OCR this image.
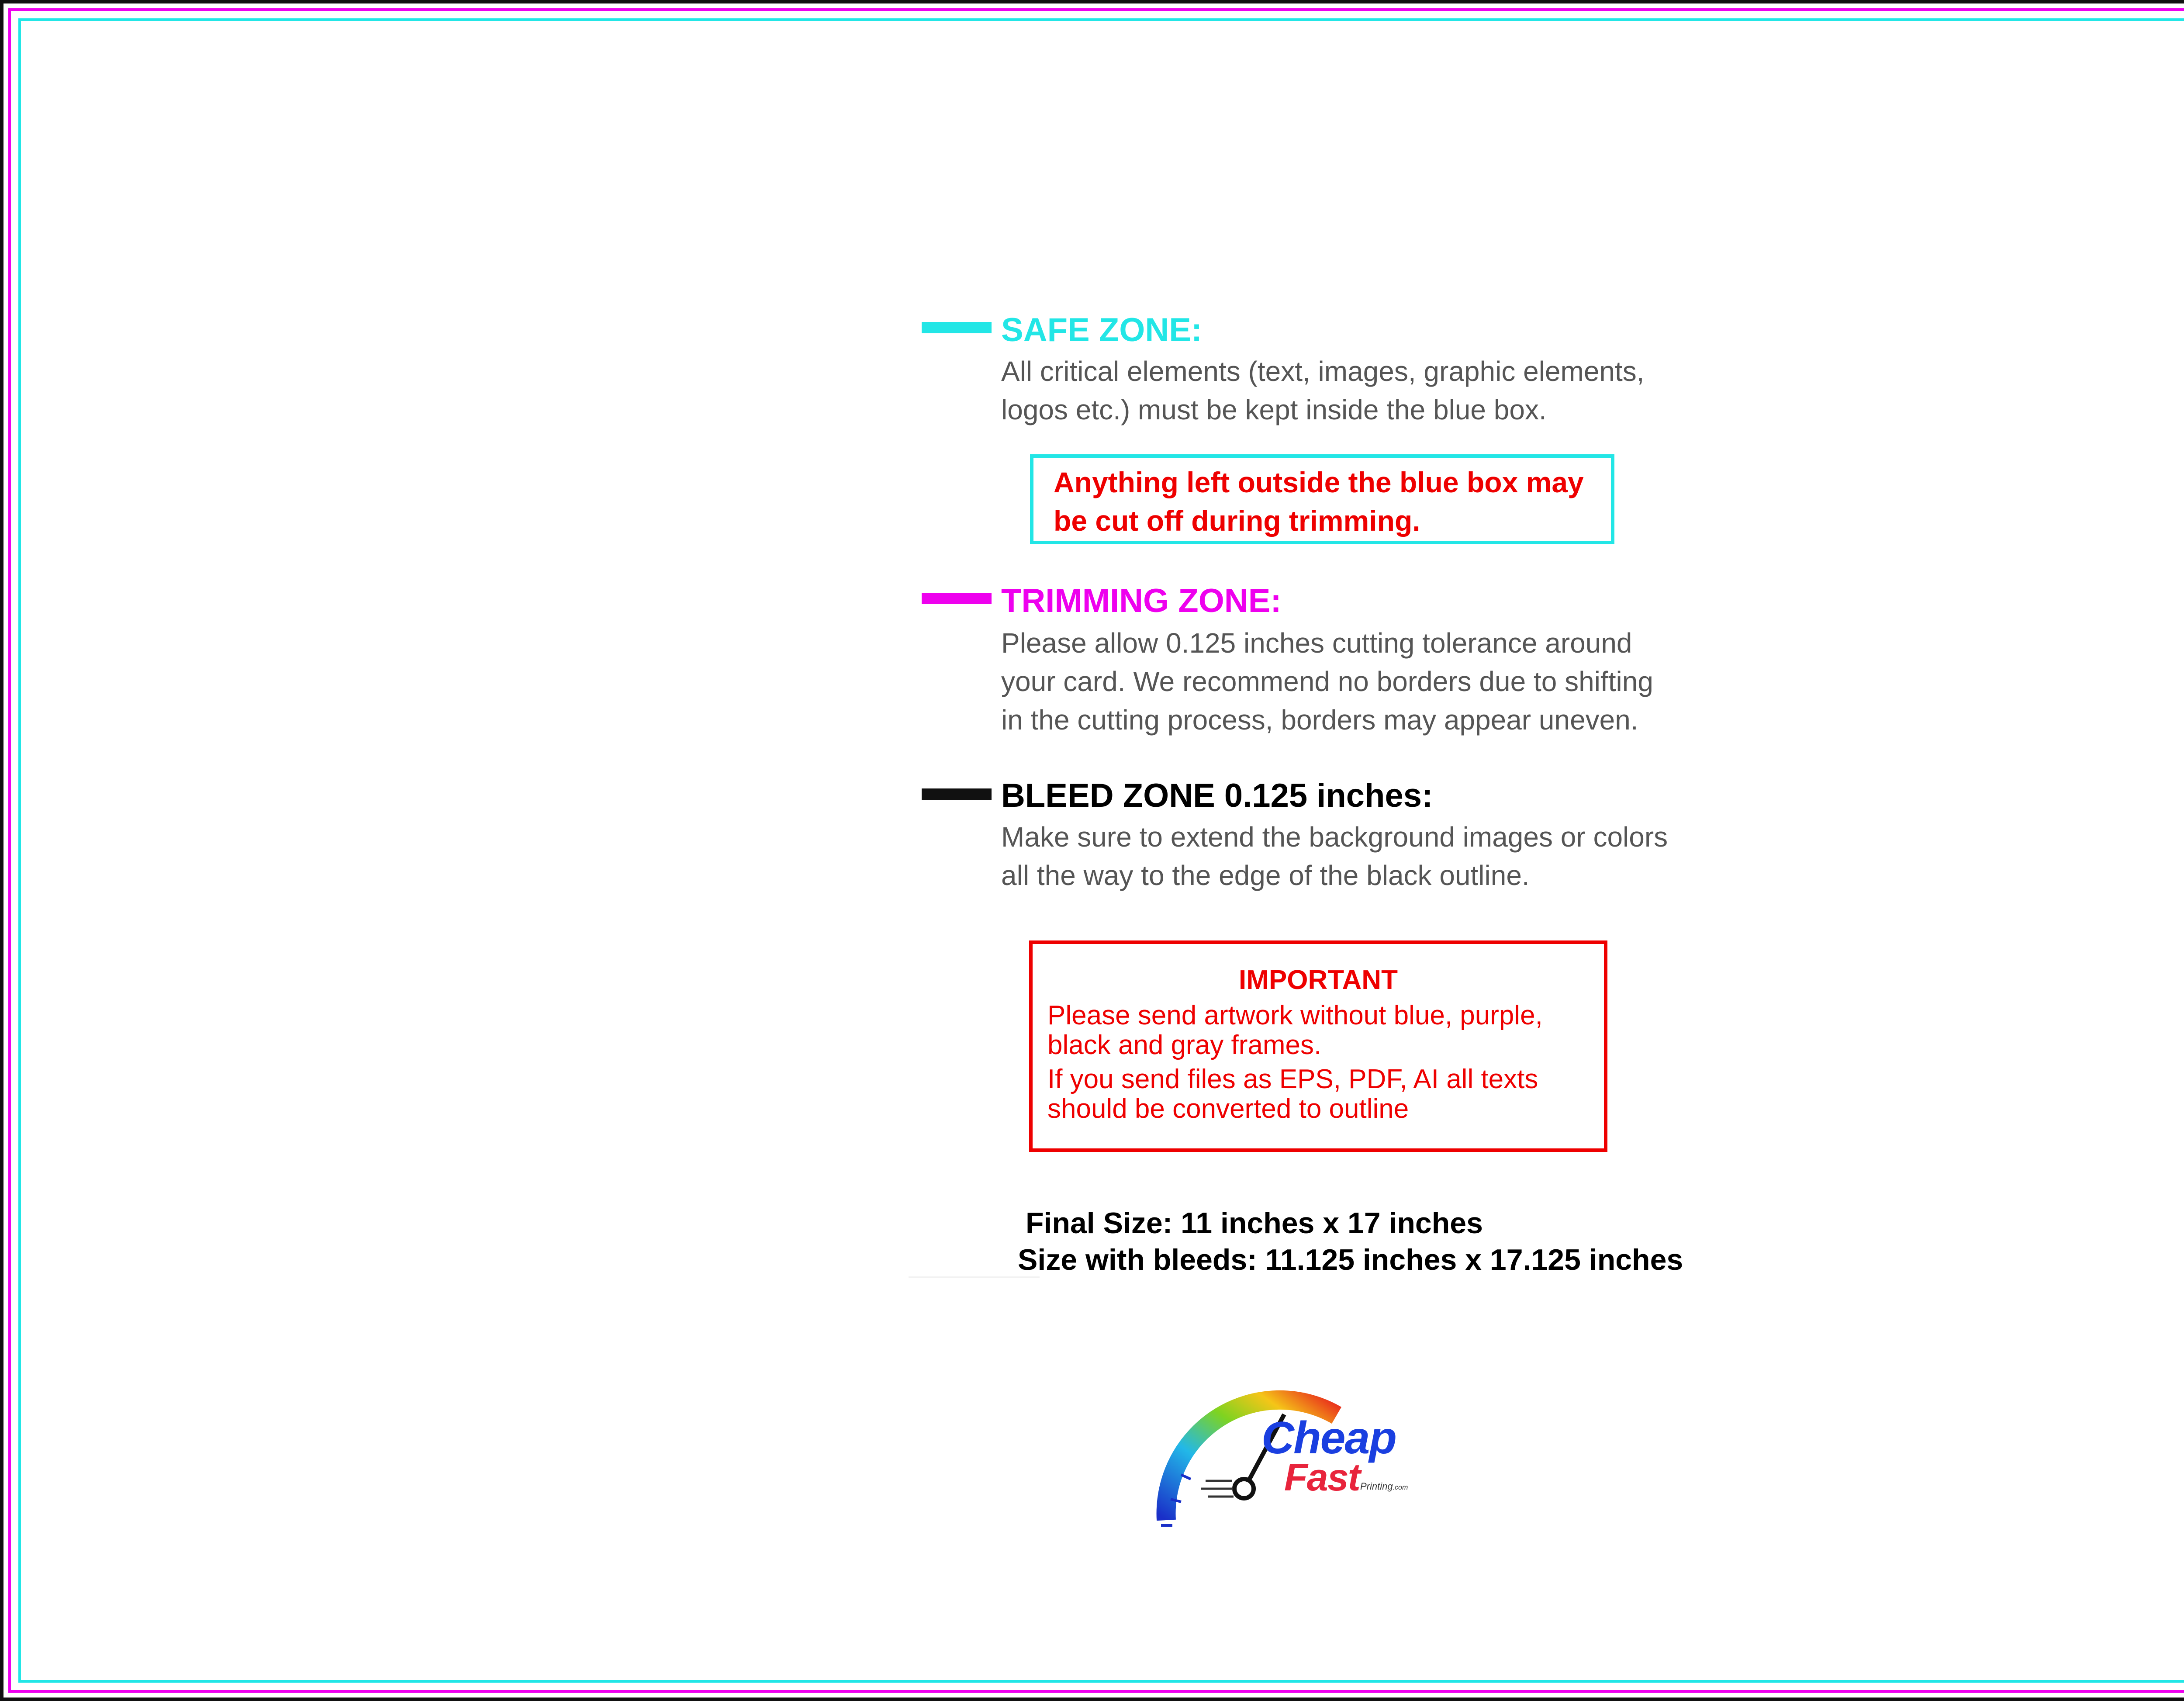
SAFE ZONE:
All critical elements (text, images, graphic elements,
logos etc.) must be kept inside the blue box.
Anything left outside the blue box may
be cut off during trimming.
TRIMMING ZONE:
Please allow 0.125 inches cutting tolerance around
your card. We recommend no borders due to shifting
in the cutting process, borders may appear uneven.
BLEED ZONE 0.125 inches:
Make sure to extend the background images or colors
all the way to the edge of the black outline.
IMPORTANT
Please send artwork without blue, purple,
black and gray frames.
If you send files as EPS, PDF, AI all texts
should be converted to outline
Final Size: 11 inches x 17 inches
Size with bleeds: 11.125 inches x 17.125 inches
Cheap
Fast Printing.com
